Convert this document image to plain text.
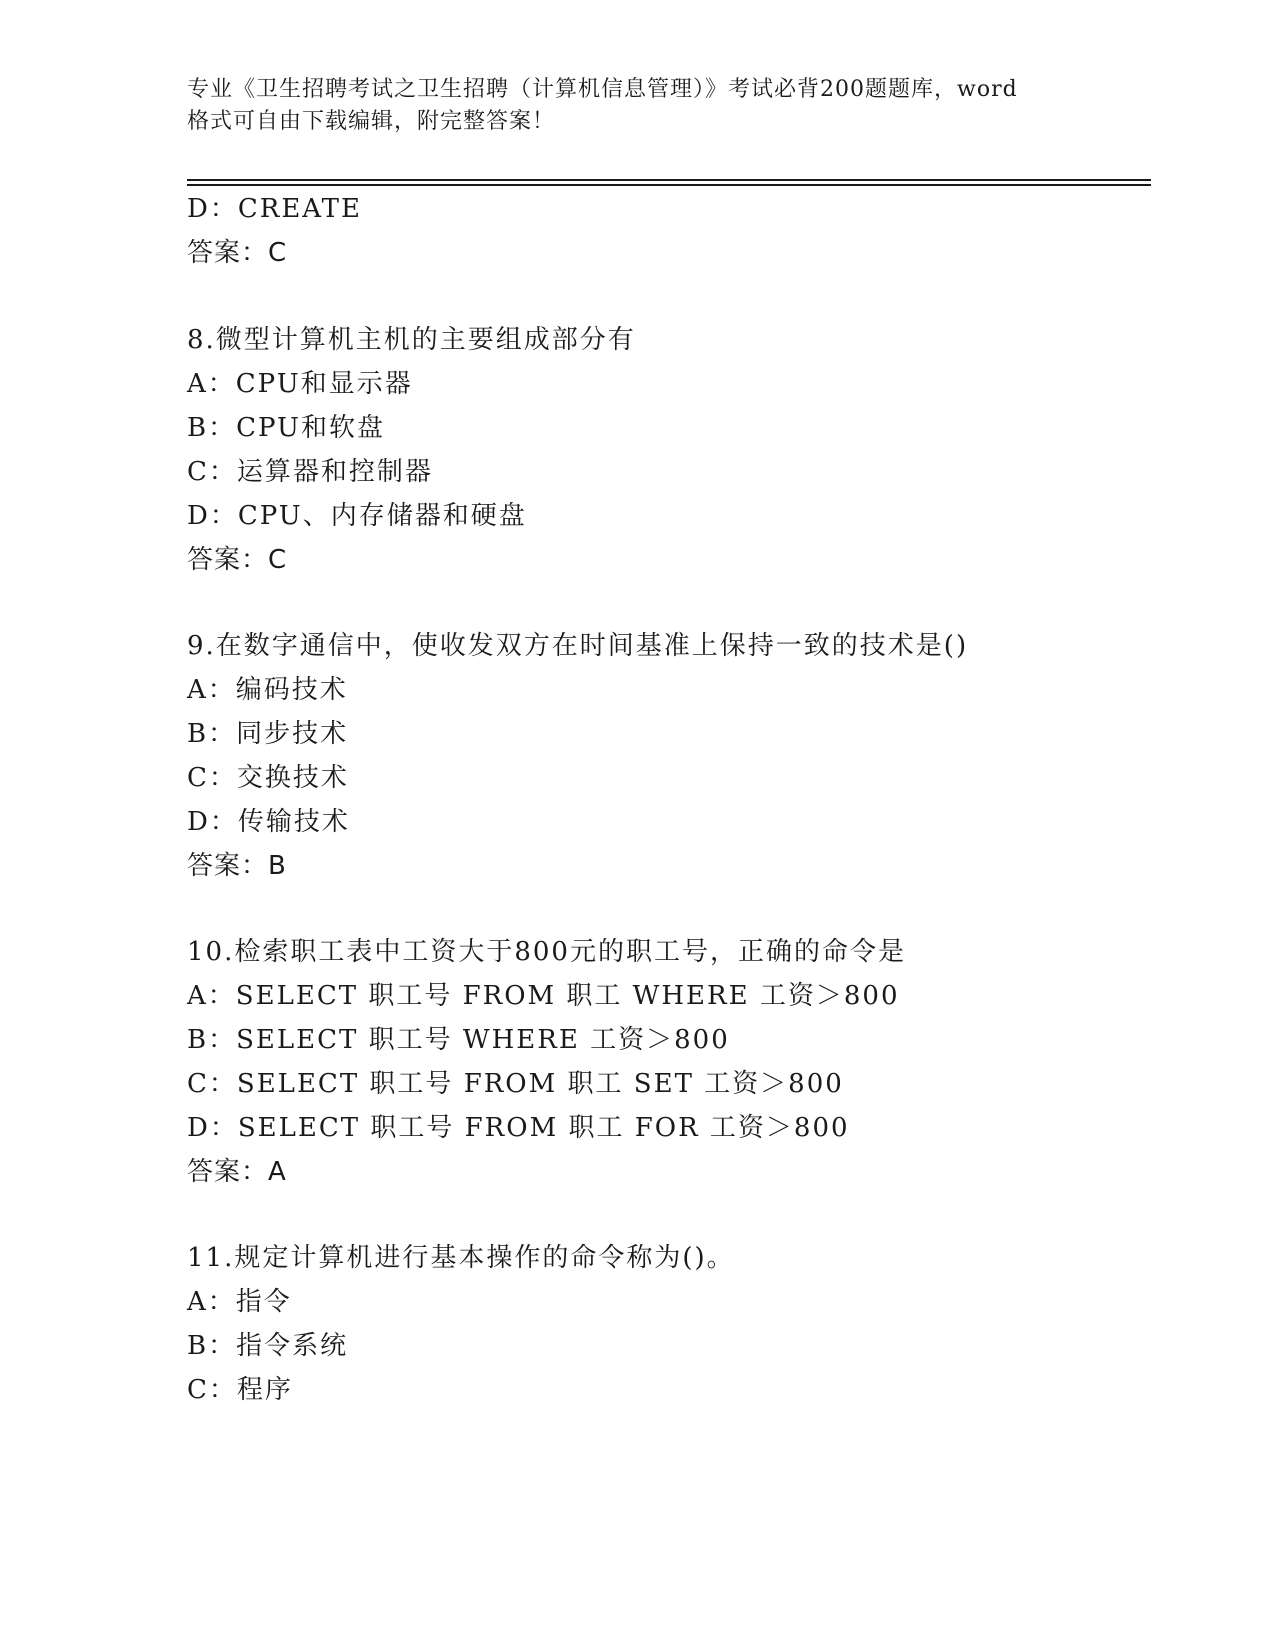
专业《卫生招聘考试之卫生招聘（计算机信息管理）》考试必背200题题库，word
格式可自由下载编辑，附完整答案！
D：CREATE
答案：C
8.微型计算机主机的主要组成部分有
A：CPU和显示器
B：CPU和软盘
C：运算器和控制器
D：CPU、内存储器和硬盘
答案：C
9.在数字通信中，使收发双方在时间基准上保持一致的技术是()
A：编码技术
B：同步技术
C：交换技术
D：传输技术
答案：B
10.检索职工表中工资大于800元的职工号，正确的命令是
A：SELECT 职工号 FROM 职工 WHERE 工资＞800
B：SELECT 职工号 WHERE 工资＞800
C：SELECT 职工号 FROM 职工 SET 工资＞800
D：SELECT 职工号 FROM 职工 FOR 工资＞800
答案：A
11.规定计算机进行基本操作的命令称为()。
A：指令
B：指令系统
C：程序
